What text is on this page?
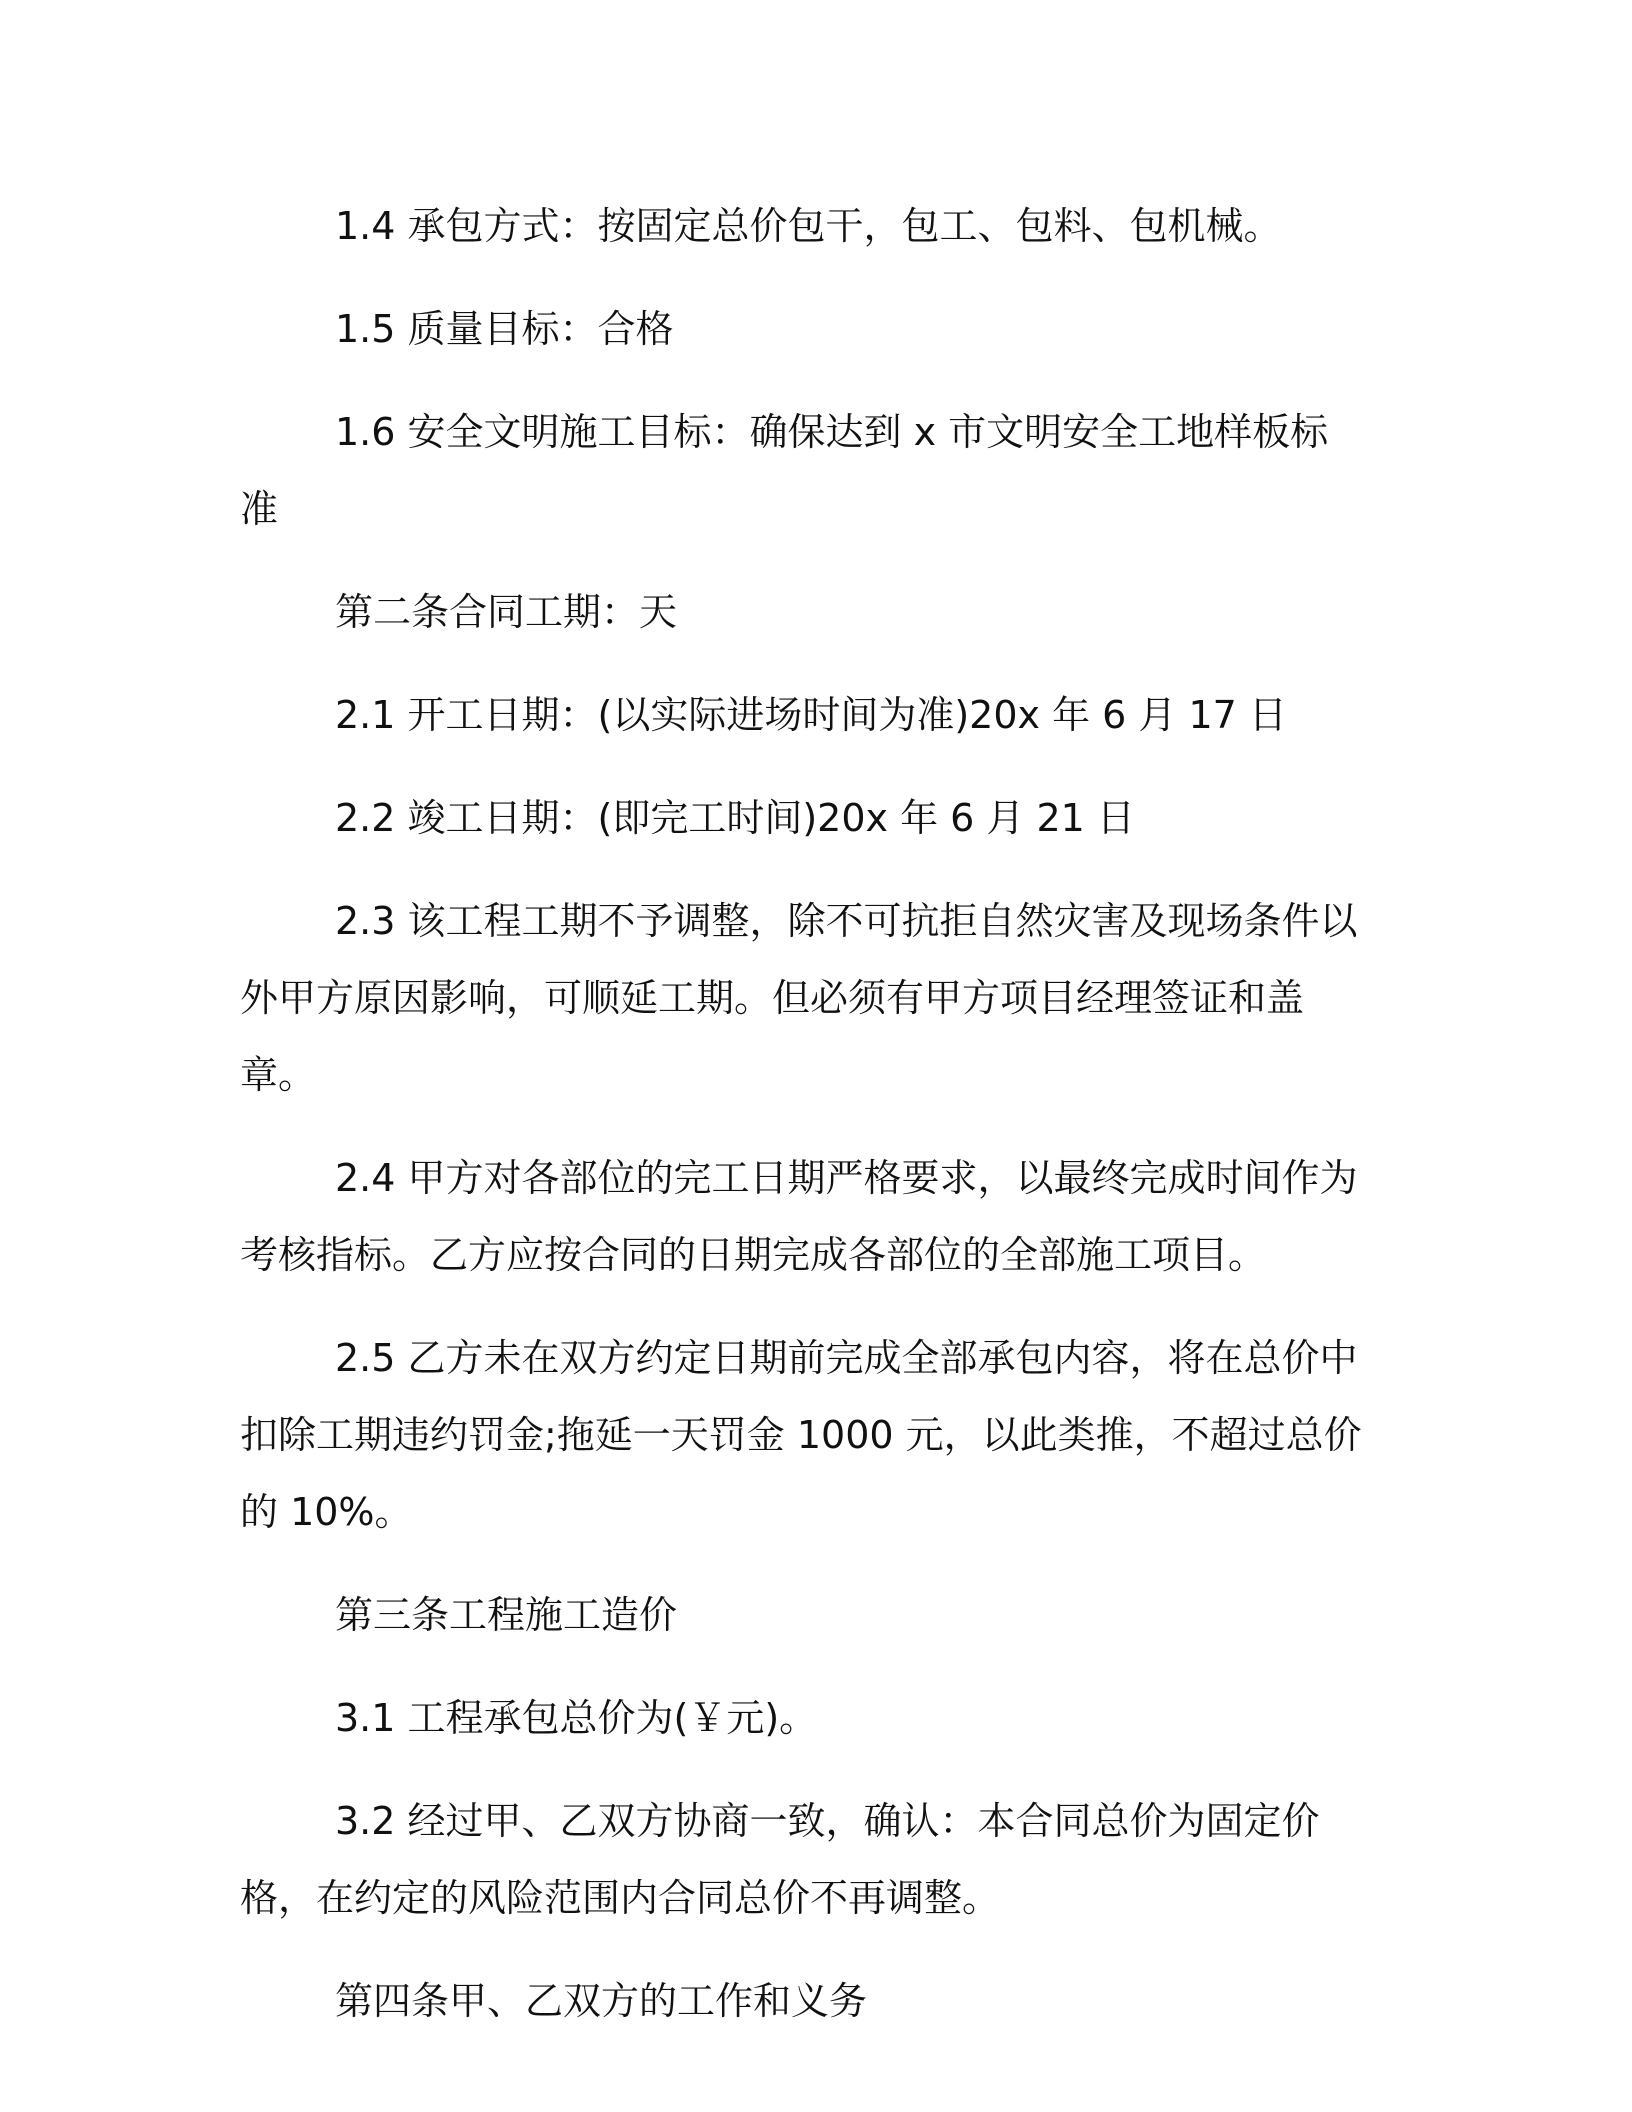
1.4 承包方式：按固定总价包干，包工、包料、包机械。

1.5 质量目标：合格

1.6 安全文明施工目标：确保达到 x 市文明安全工地样板标准

第二条合同工期：天

2.1 开工日期：(以实际进场时间为准)20x 年 6 月 17 日

2.2 竣工日期：(即完工时间)20x 年 6 月 21 日

2.3 该工程工期不予调整，除不可抗拒自然灾害及现场条件以外甲方原因影响，可顺延工期。但必须有甲方项目经理签证和盖章。

2.4 甲方对各部位的完工日期严格要求，以最终完成时间作为考核指标。乙方应按合同的日期完成各部位的全部施工项目。

2.5 乙方未在双方约定日期前完成全部承包内容，将在总价中扣除工期违约罚金;拖延一天罚金 1000 元，以此类推，不超过总价的 10%。

第三条工程施工造价

3.1 工程承包总价为(￥元)。

3.2 经过甲、乙双方协商一致，确认：本合同总价为固定价格，在约定的风险范围内合同总价不再调整。

第四条甲、乙双方的工作和义务
